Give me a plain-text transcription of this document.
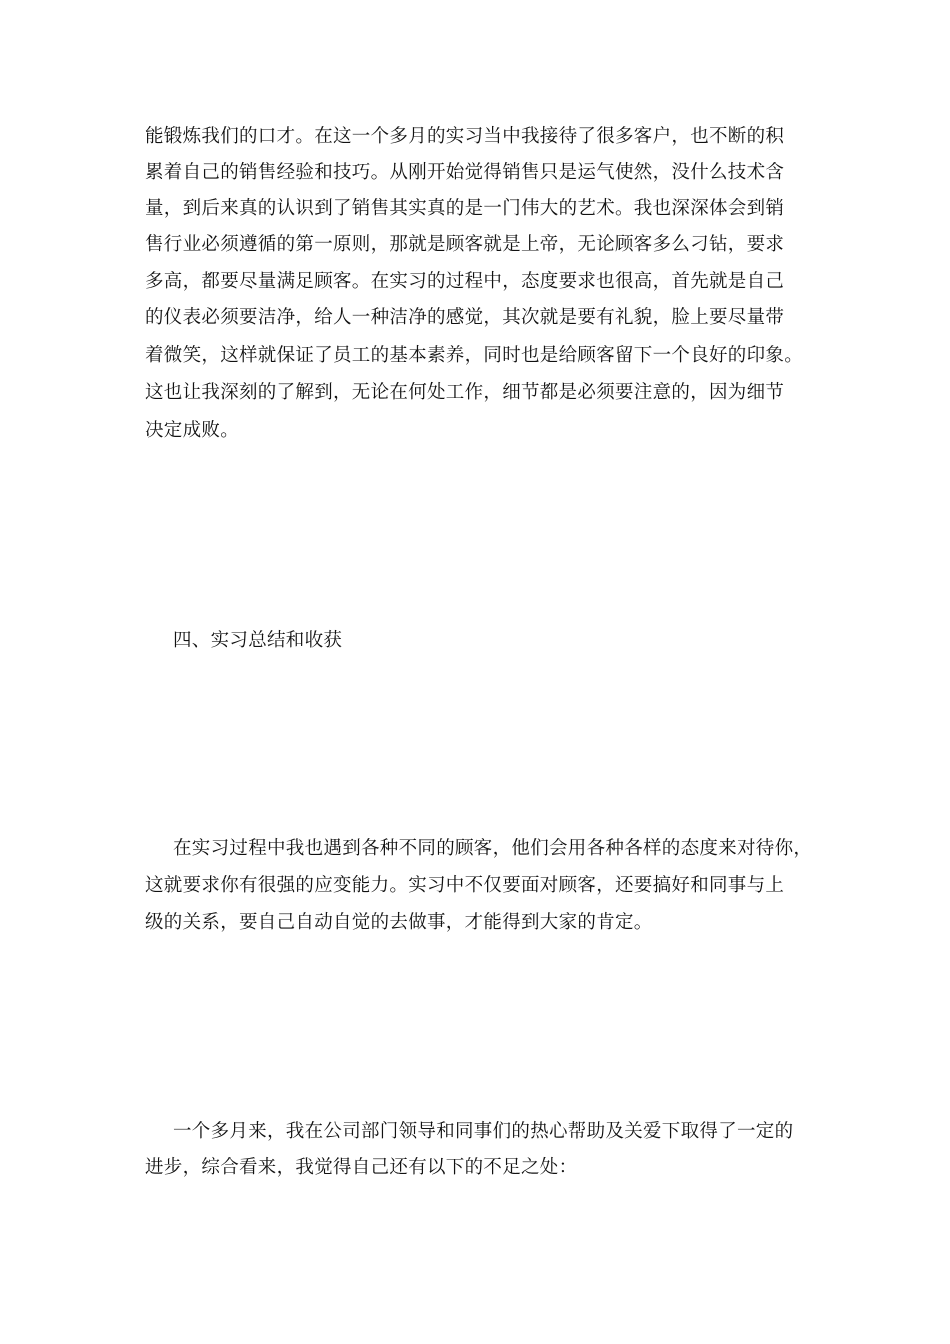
能锻炼我们的口才。在这一个多月的实习当中我接待了很多客户，也不断的积
累着自己的销售经验和技巧。从刚开始觉得销售只是运气使然，没什么技术含
量，到后来真的认识到了销售其实真的是一门伟大的艺术。我也深深体会到销
售行业必须遵循的第一原则，那就是顾客就是上帝，无论顾客多么刁钻，要求
多高，都要尽量满足顾客。在实习的过程中，态度要求也很高，首先就是自己
的仪表必须要洁净，给人一种洁净的感觉，其次就是要有礼貌，脸上要尽量带
着微笑，这样就保证了员工的基本素养，同时也是给顾客留下一个良好的印象。
这也让我深刻的了解到，无论在何处工作，细节都是必须要注意的，因为细节
决定成败。
四、实习总结和收获
在实习过程中我也遇到各种不同的顾客，他们会用各种各样的态度来对待你，
这就要求你有很强的应变能力。实习中不仅要面对顾客，还要搞好和同事与上
级的关系，要自己自动自觉的去做事，才能得到大家的肯定。
一个多月来，我在公司部门领导和同事们的热心帮助及关爱下取得了一定的
进步，综合看来，我觉得自己还有以下的不足之处：
